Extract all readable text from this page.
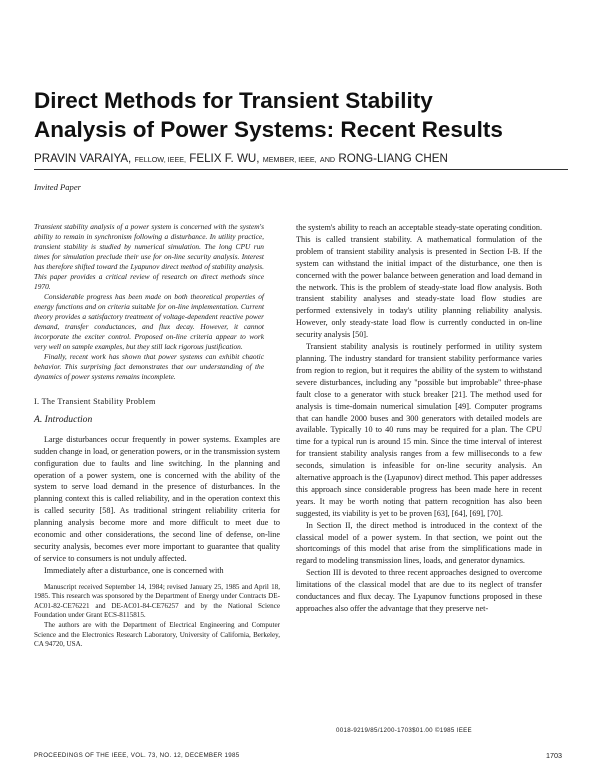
Direct Methods for Transient Stability
Analysis of Power Systems: Recent Results
PRAVIN VARAIYA, FELLOW, IEEE, FELIX F. WU, MEMBER, IEEE, AND RONG-LIANG CHEN
Invited Paper

Transient stability analysis of a power system is concerned with the system's ability to remain in synchronism following a disturbance. In utility practice, transient stability is studied by numerical simulation. The long CPU run times for simulation preclude their use for on-line security analysis. Interest has therefore shifted toward the Lyapunov direct method of stability analysis. This paper provides a critical review of research on direct methods since 1970.

Considerable progress has been made on both theoretical properties of energy functions and on criteria suitable for on-line implementation. Current theory provides a satisfactory treatment of voltage-dependent reactive power demand, transfer conductances, and flux decay. However, it cannot incorporate the exciter control. Proposed on-line criteria appear to work very well on sample examples, but they still lack rigorous justification.

Finally, recent work has shown that power systems can exhibit chaotic behavior. This surprising fact demonstrates that our understanding of the dynamics of power systems remains incomplete.

I. The Transient Stability Problem
A. Introduction

Large disturbances occur frequently in power systems. Examples are sudden change in load, or generation powers, or in the transmission system configuration due to faults and line switching. In the planning and operation of a power system, one is concerned with the ability of the system to serve load demand in the presence of disturbances. In the planning context this is called reliability, and in the operation context this is called security [58]. As traditional stringent reliability criteria for planning analysis become more and more difficult to meet due to economic and other considerations, the second line of defense, on-line security analysis, becomes ever more important to guarantee that quality of service to consumers is not unduly affected.

Immediately after a disturbance, one is concerned with

Manuscript received September 14, 1984; revised January 25, 1985 and April 18, 1985. This research was sponsored by the Department of Energy under Contracts DE-AC01-82-CE76221 and DE-AC01-84-CE76257 and by the National Science Foundation under Grant ECS-8115815.

The authors are with the Department of Electrical Engineering and Computer Science and the Electronics Research Laboratory, University of California, Berkeley, CA 94720, USA.

the system's ability to reach an acceptable steady-state operating condition. This is called transient stability. A mathematical formulation of the problem of transient stability analysis is presented in Section I-B. If the system can withstand the initial impact of the disturbance, one then is concerned with the power balance between generation and load demand in the network. This is the problem of steady-state load flow analysis. Both transient stability analyses and steady-state load flow studies are performed extensively in today's utility planning reliability analysis. However, only steady-state load flow is currently conducted in on-line security analysis [50].

Transient stability analysis is routinely performed in utility system planning. The industry standard for transient stability performance varies from region to region, but it requires the ability of the system to withstand severe disturbances, including any "possible but improbable" three-phase fault close to a generator with stuck breaker [21]. The method used for analysis is time-domain numerical simulation [49]. Computer programs that can handle 2000 buses and 300 generators with detailed models are available. Typically 10 to 40 runs may be required for a plan. The CPU time for a typical run is around 15 min. Since the time interval of interest for transient stability analysis ranges from a few milliseconds to a few seconds, simulation is infeasible for on-line security analysis. An alternative approach is the (Lyapunov) direct method. This paper addresses this approach since considerable progress has been made here in recent years. It may be worth noting that pattern recognition has also been suggested, its viability is yet to be proven [63], [64], [69], [70].

In Section II, the direct method is introduced in the context of the classical model of a power system. In that section, we point out the shortcomings of this model that arise from the simplifications made in regard to modeling transmission lines, loads, and generator dynamics.

Section III is devoted to three recent approaches designed to overcome limitations of the classical model that are due to its neglect of transfer conductances and flux decay. The Lyapunov functions proposed in these approaches also offer the advantage that they preserve net-

0018-9219/85/1200-1703$01.00 ©1985 IEEE
PROCEEDINGS OF THE IEEE, VOL. 73, NO. 12, DECEMBER 1985	1703
